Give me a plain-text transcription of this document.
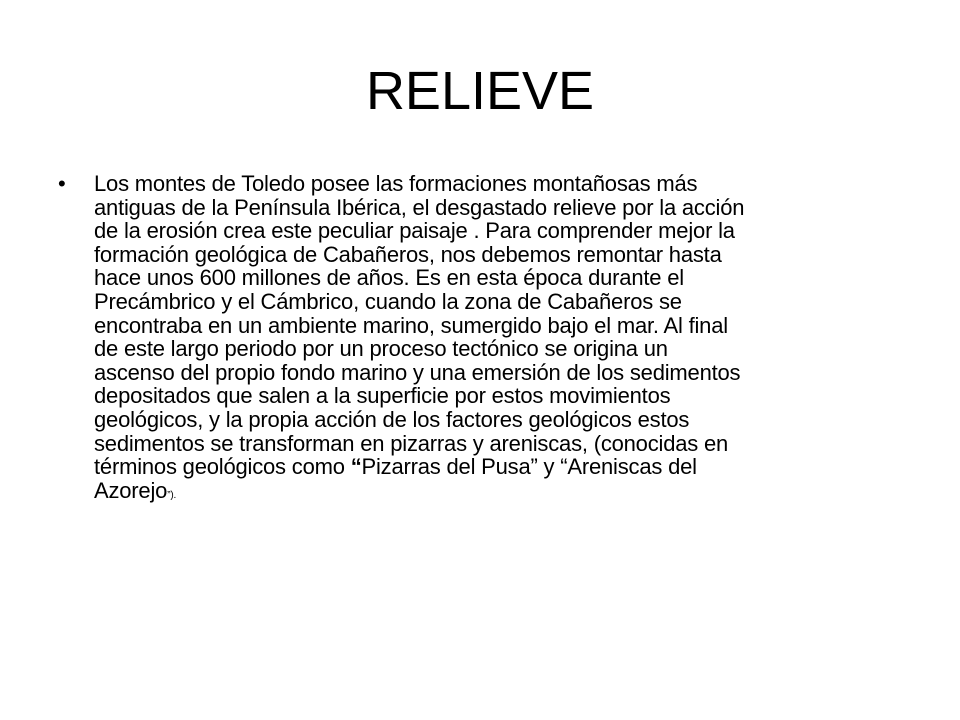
RELIEVE
• Los montes de Toledo posee las formaciones montañosas más
antiguas de la Península Ibérica, el desgastado relieve por la acción
de la erosión crea este peculiar paisaje . Para comprender mejor la
formación geológica de Cabañeros, nos debemos remontar hasta
hace unos 600 millones de años. Es en esta época durante el
Precámbrico y el Cámbrico, cuando la zona de Cabañeros se
encontraba en un ambiente marino, sumergido bajo el mar. Al final
de este largo periodo por un proceso tectónico se origina un
ascenso del propio fondo marino y una emersión de los sedimentos
depositados que salen a la superficie por estos movimientos
geológicos, y la propia acción de los factores geológicos estos
sedimentos se transforman en pizarras y areniscas, (conocidas en
términos geológicos como “Pizarras del Pusa” y “Areniscas del
Azorejo”).
